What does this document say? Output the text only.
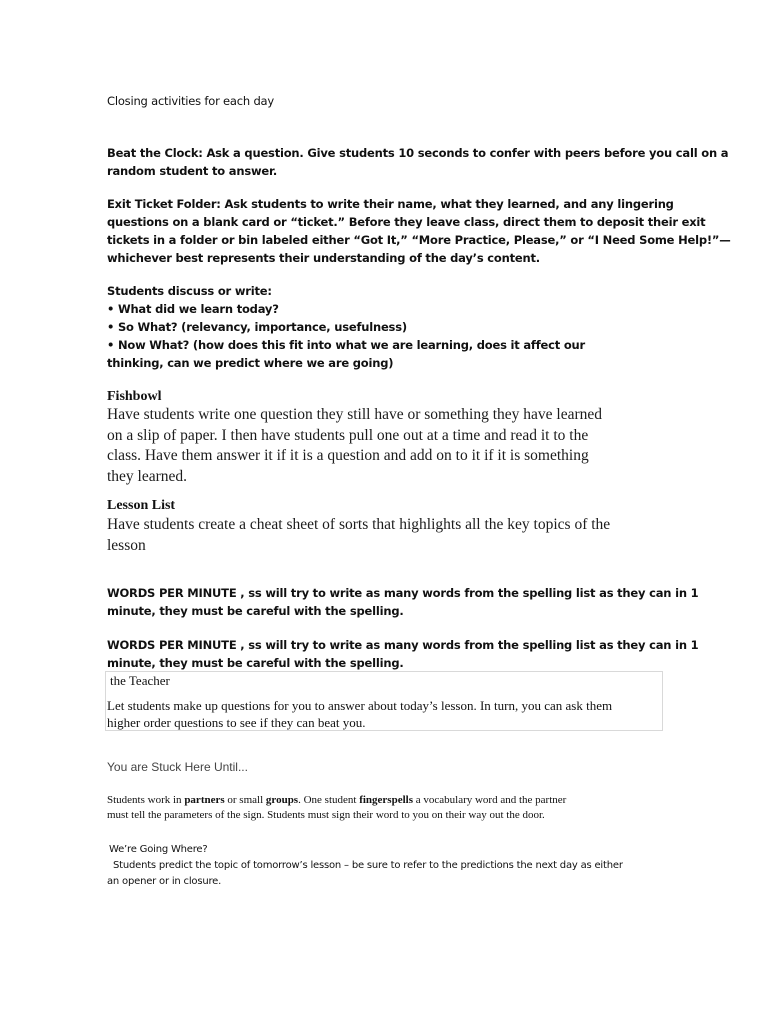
Closing activities for each day

Beat the Clock: Ask a question. Give students 10 seconds to confer with peers before you call on a
random student to answer.
Exit Ticket Folder: Ask students to write their name, what they learned, and any lingering
questions on a blank card or “ticket.” Before they leave class, direct them to deposit their exit
tickets in a folder or bin labeled either “Got It,” “More Practice, Please,” or “I Need Some Help!”—
whichever best represents their understanding of the day’s content.
Students discuss or write:
• What did we learn today?
• So What? (relevancy, importance, usefulness)
• Now What? (how does this fit into what we are learning, does it affect our
thinking, can we predict where we are going)

Fishbowl

Have students write one question they still have or something they have learned
on a slip of paper. I then have students pull one out at a time and read it to the
class. Have them answer it if it is a question and add on to it if it is something
they learned.

Lesson List

Have students create a cheat sheet of sorts that highlights all the key topics of the
lesson
WORDS PER MINUTE , ss will try to write as many words from the spelling list as they can in 1
minute, they must be careful with the spelling.
WORDS PER MINUTE , ss will try to write as many words from the spelling list as they can in 1
minute, they must be careful with the spelling.

the Teacher

Let students make up questions for you to answer about today’s lesson. In turn, you can ask them
higher order questions to see if they can beat you.

You are Stuck Here Until...

Students work in partners or small groups. One student fingerspells a vocabulary word and the partner
must tell the parameters of the sign. Students must sign their word to you on their way out the door.

We’re Going Where?

Students predict the topic of tomorrow’s lesson – be sure to refer to the predictions the next day as either
an opener or in closure.
